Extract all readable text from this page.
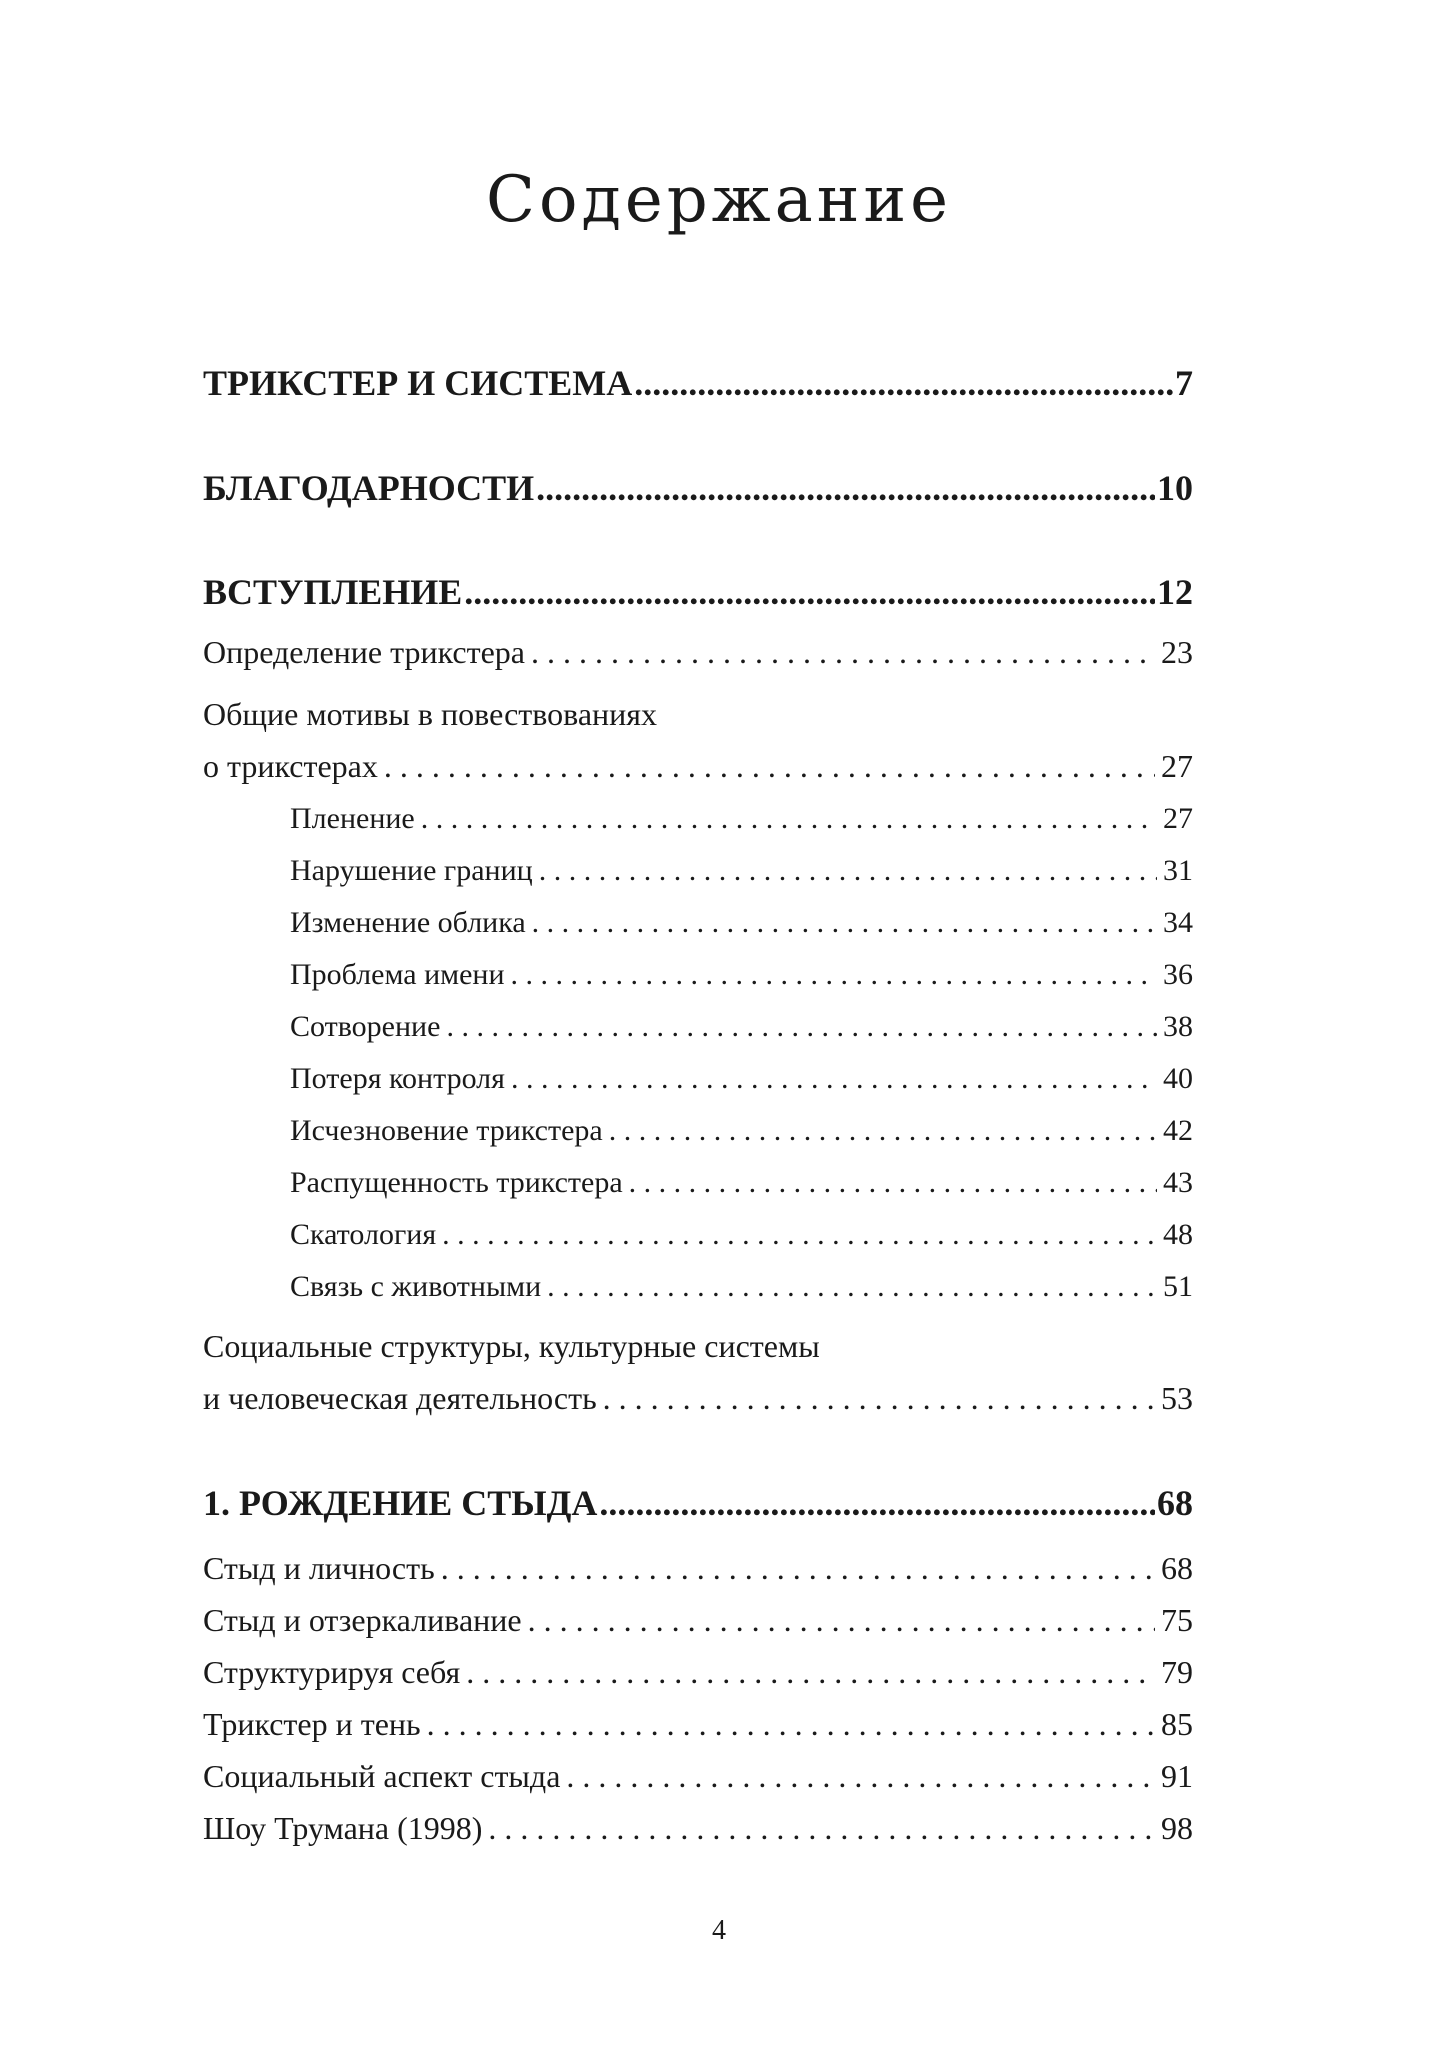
Содержание
ТРИКСТЕР И СИСТЕМА .....	7
БЛАГОДАРНОСТИ .....	10
ВСТУПЛЕНИЕ .....	12
Определение трикстера . . .	23
Общие мотивы в повествованиях
о трикстерах . . .	27
Пленение . . .	27
Нарушение границ . . .	31
Изменение облика . . .	34
Проблема имени . . .	36
Сотворение . . .	38
Потеря контроля . . .	40
Исчезновение трикстера . . .	42
Распущенность трикстера . . .	43
Скатология . . .	48
Связь с животными . . .	51
Социальные структуры, культурные системы
и человеческая деятельность . . .	53
1. РОЖДЕНИЕ СТЫДА .....	68
Стыд и личность . . .	68
Стыд и отзеркаливание . . .	75
Структурируя себя . . .	79
Трикстер и тень . . .	85
Социальный аспект стыда . . .	91
Шоу Трумана (1998) . . .	98
4
